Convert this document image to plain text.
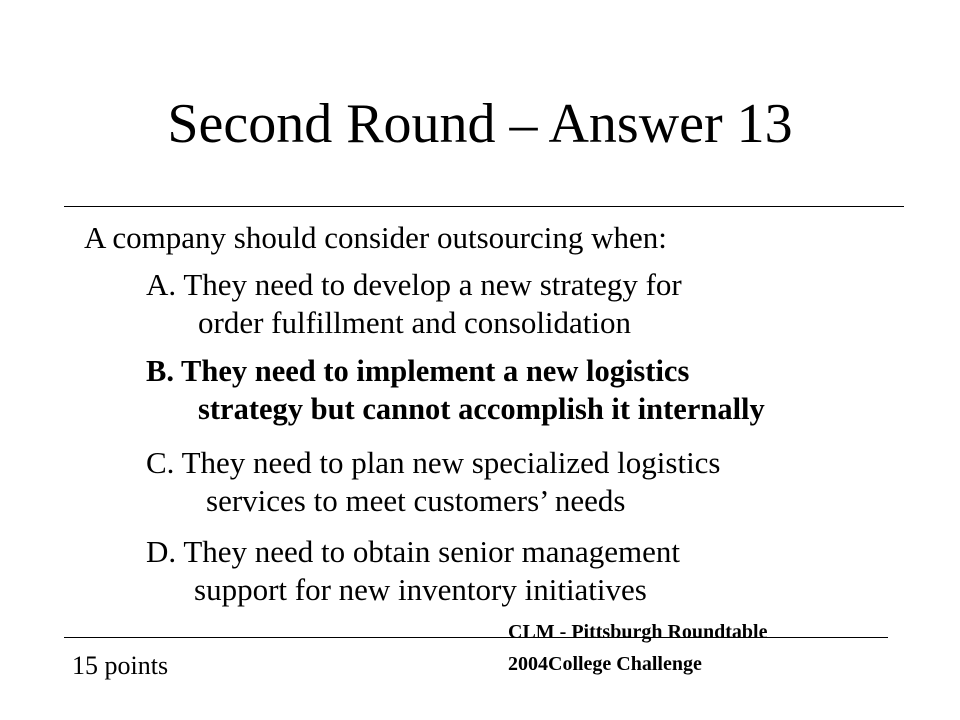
Second Round – Answer 13
A company should consider outsourcing when:
A. They need to develop a new strategy for
order fulfillment and consolidation
B. They need to implement a new logistics
strategy but cannot accomplish it internally
C. They need to plan new specialized logistics
services to meet customers’ needs
D. They need to obtain senior management
support for new inventory initiatives
15 points
CLM - Pittsburgh Roundtable
2004College Challenge
